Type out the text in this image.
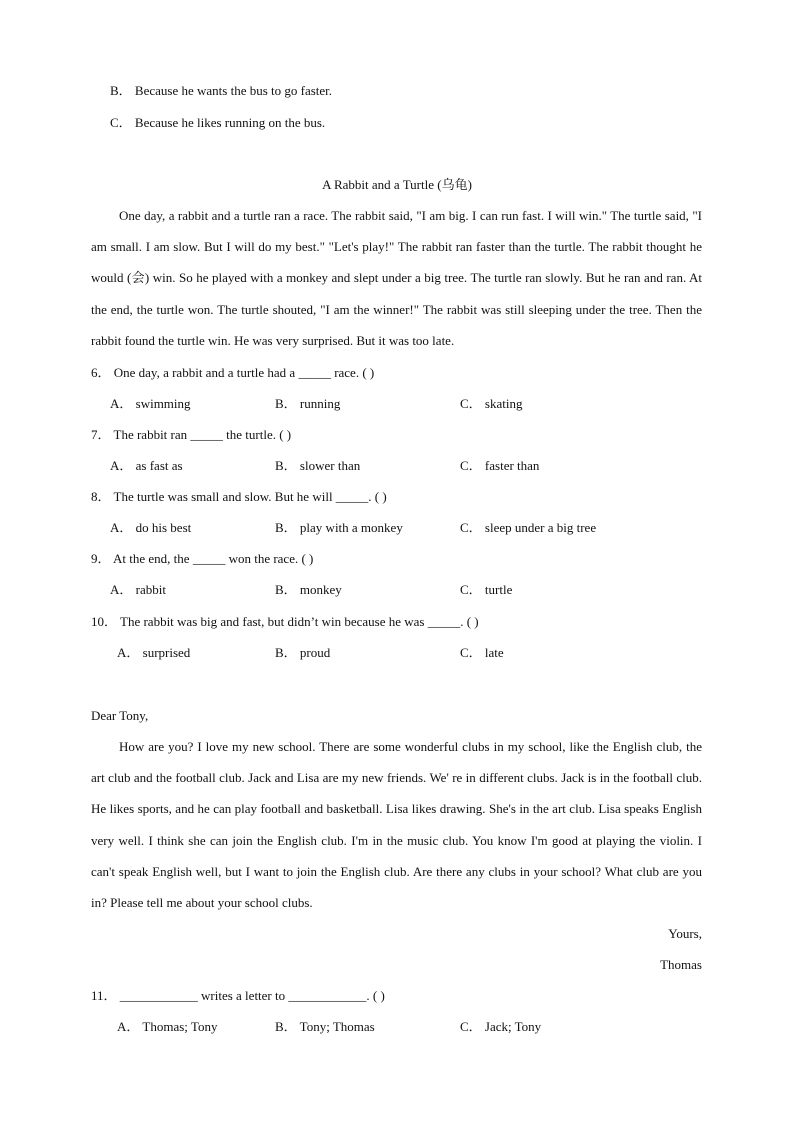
B． Because he wants the bus to go faster.
C． Because he likes running on the bus.
A Rabbit and a Turtle (乌龟)
One day, a rabbit and a turtle ran a race. The rabbit said, "I am big. I can run fast. I will win." The turtle said, "I am small. I am slow. But I will do my best." "Let's play!" The rabbit ran faster than the turtle. The rabbit thought he would (会) win. So he played with a monkey and slept under a big tree. The turtle ran slowly. But he ran and ran. At the end, the turtle won. The turtle shouted, "I am the winner!" The rabbit was still sleeping under the tree. Then the rabbit found the turtle win. He was very surprised. But it was too late.
6． One day, a rabbit and a turtle had a _____ race. ( )
A． swimming	B． running	C． skating
7． The rabbit ran _____ the turtle. ( )
A． as fast as	B． slower than	C． faster than
8． The turtle was small and slow. But he will _____. ( )
A． do his best	B． play with a monkey	C． sleep under a big tree
9． At the end, the _____ won the race. ( )
A． rabbit	B． monkey	C． turtle
10． The rabbit was big and fast, but didn’t win because he was _____. ( )
A． surprised	B． proud	C． late
Dear Tony,
How are you? I love my new school. There are some wonderful clubs in my school, like the English club, the art club and the football club. Jack and Lisa are my new friends. We' re in different clubs. Jack is in the football club. He likes sports, and he can play football and basketball. Lisa likes drawing. She's in the art club. Lisa speaks English very well. I think she can join the English club. I'm in the music club. You know I'm good at playing the violin. I can't speak English well, but I want to join the English club. Are there any clubs in your school? What club are you in? Please tell me about your school clubs.
Yours,
Thomas
11． ____________ writes a letter to ____________. ( )
A． Thomas; Tony	B． Tony; Thomas	C． Jack; Tony
